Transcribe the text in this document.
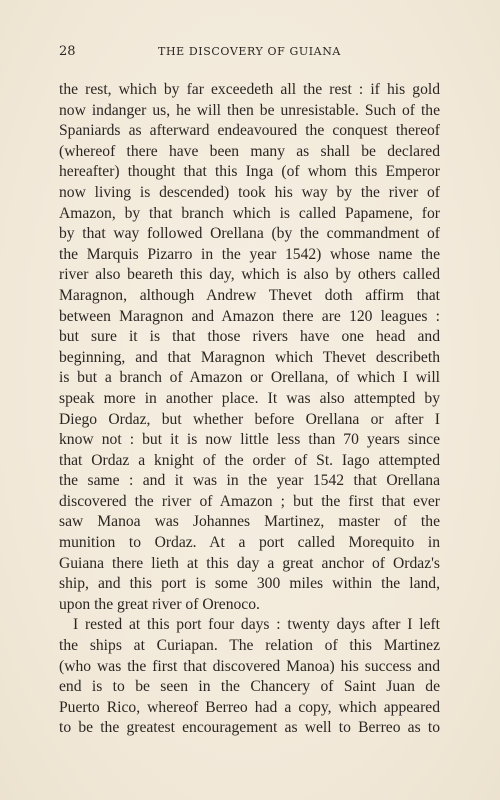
28	THE DISCOVERY OF GUIANA
the rest, which by far exceedeth all the rest : if his gold
now indanger us, he will then be unresistable. Such of the
Spaniards as afterward endeavoured the conquest thereof
(whereof there have been many as shall be declared
hereafter) thought that this Inga (of whom this Emperor
now living is descended) took his way by the river of
Amazon, by that branch which is called Papamene, for
by that way followed Orellana (by the commandment of
the Marquis Pizarro in the year 1542) whose name the
river also beareth this day, which is also by others called
Maragnon, although Andrew Thevet doth affirm that
between Maragnon and Amazon there are 120 leagues :
but sure it is that those rivers have one head and
beginning, and that Maragnon which Thevet describeth
is but a branch of Amazon or Orellana, of which I will
speak more in another place. It was also attempted by
Diego Ordaz, but whether before Orellana or after I
know not : but it is now little less than 70 years since
that Ordaz a knight of the order of St. Iago attempted
the same : and it was in the year 1542 that Orellana
discovered the river of Amazon ; but the first that ever
saw Manoa was Johannes Martinez, master of the
munition to Ordaz. At a port called Morequito in
Guiana there lieth at this day a great anchor of Ordaz's
ship, and this port is some 300 miles within the land,
upon the great river of Orenoco.
I rested at this port four days : twenty days after I left
the ships at Curiapan. The relation of this Martinez
(who was the first that discovered Manoa) his success and
end is to be seen in the Chancery of Saint Juan de
Puerto Rico, whereof Berreo had a copy, which appeared
to be the greatest encouragement as well to Berreo as to
